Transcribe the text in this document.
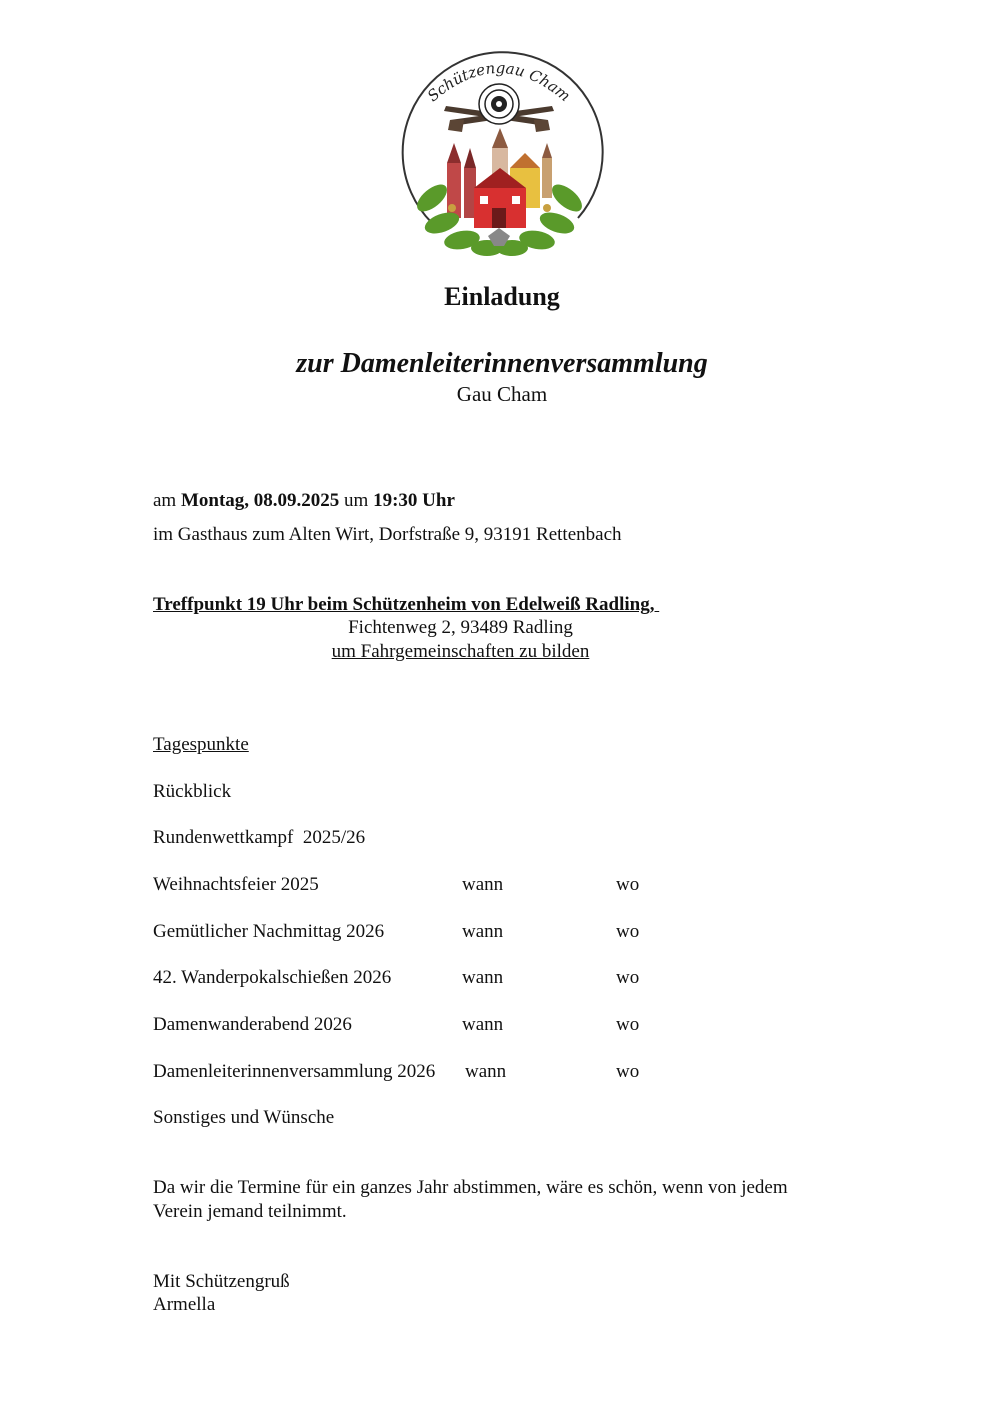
Schützengau Cham
Einladung
zur Damenleiterinnenversammlung
Gau Cham
am Montag, 08.09.2025 um 19:30 Uhr
im Gasthaus zum Alten Wirt, Dorfstraße 9, 93191 Rettenbach
Treffpunkt 19 Uhr beim Schützenheim von Edelweiß Radling,
Fichtenweg 2, 93489 Radling
um Fahrgemeinschaften zu bilden
Tagespunkte
Rückblick
Rundenwettkampf  2025/26
Weihnachtsfeier 2025	wann	wo
Gemütlicher Nachmittag 2026	wann	wo
42. Wanderpokalschießen 2026	wann	wo
Damenwanderabend 2026	wann	wo
Damenleiterinnenversammlung 2026 wann	wo
Sonstiges und Wünsche
Da wir die Termine für ein ganzes Jahr abstimmen, wäre es schön, wenn von jedem
Verein jemand teilnimmt.
Mit Schützengruß
Armella
